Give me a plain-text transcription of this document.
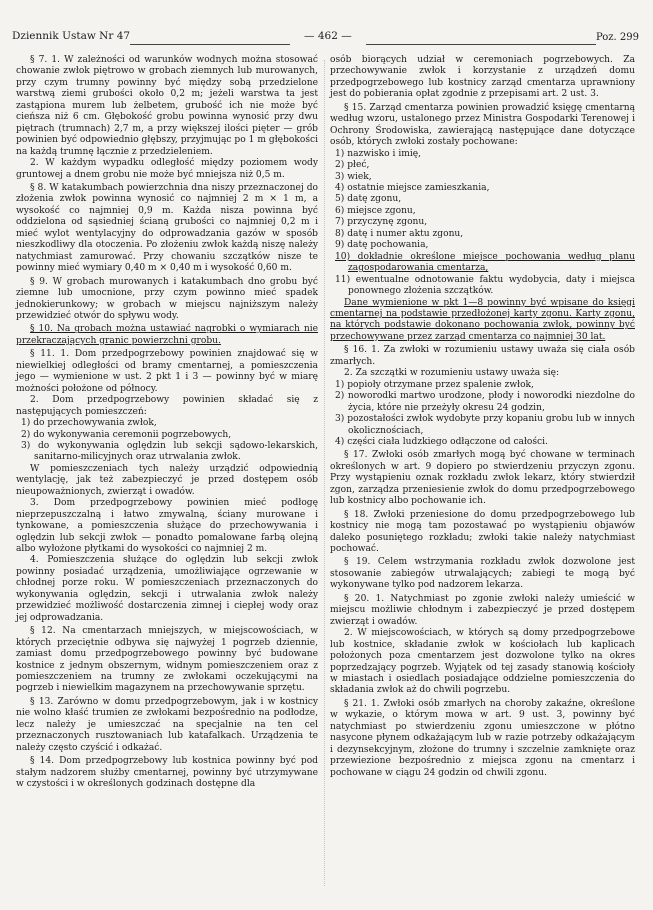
Dziennik Ustaw Nr 47	— 462 —	Poz. 299

§ 7. 1. W zależności od warunków wodnych można stosować chowanie zwłok piętrowo w grobach ziemnych lub murowanych, przy czym trumny powinny być między sobą przedzielone warstwą ziemi grubości około 0,2 m; jeżeli warstwa ta jest zastąpiona murem lub żelbetem, grubość ich nie może być cieńsza niż 6 cm. Głębokość grobu powinna wynosić przy dwu piętrach (trumnach) 2,7 m, a przy większej ilości pięter — grób powinien być odpowiednio głębszy, przyjmując po 1 m głębokości na każdą trumnę łącznie z przedzieleniem.

2. W każdym wypadku odległość między poziomem wody gruntowej a dnem grobu nie może być mniejsza niż 0,5 m.

§ 8. W katakumbach powierzchnia dna niszy przeznaczonej do złożenia zwłok powinna wynosić co najmniej 2 m × 1 m, a wysokość co najmniej 0,9 m. Każda nisza powinna być oddzielona od sąsiedniej ścianą grubości co najmniej 0,2 m i mieć wylot wentylacyjny do odprowadzania gazów w sposób nieszkodliwy dla otoczenia. Po złożeniu zwłok każdą niszę należy natychmiast zamurować. Przy chowaniu szczątków nisze te powinny mieć wymiary 0,40 m × 0,40 m i wysokość 0,60 m.

§ 9. W grobach murowanych i katakumbach dno grobu być ziemne lub umocnione, przy czym powinno mieć spadek jednokierunkowy; w grobach w miejscu najniższym należy przewidzieć otwór do spływu wody.

§ 10. Na grobach można ustawiać nagrobki o wymiarach nie przekraczających granic powierzchni grobu.

§ 11. 1. Dom przedpogrzebowy powinien znajdować się w niewielkiej odległości od bramy cmentarnej, a pomieszczenia jego — wymienione w ust. 2 pkt 1 i 3 — powinny być w miarę możności położone od północy.

2. Dom przedpogrzebowy powinien składać się z następujących pomieszczeń:

1) do przechowywania zwłok,

2) do wykonywania ceremonii pogrzebowych,

3) do wykonywania oględzin lub sekcji sądowo-lekarskich, sanitarno-milicyjnych oraz utrwalania zwłok.

W pomieszczeniach tych należy urządzić odpowiednią wentylację, jak też zabezpieczyć je przed dostępem osób nieupoważnionych, zwierząt i owadów.

3. Dom przedpogrzebowy powinien mieć podłogę nieprzepuszczalną i łatwo zmywalną, ściany murowane i tynkowane, a pomieszczenia służące do przechowywania i oględzin lub sekcji zwłok — ponadto pomalowane farbą olejną albo wyłożone płytkami do wysokości co najmniej 2 m.

4. Pomieszczenia służące do oględzin lub sekcji zwłok powinny posiadać urządzenia, umożliwiające ogrzewanie w chłodnej porze roku. W pomieszczeniach przeznaczonych do wykonywania oględzin, sekcji i utrwalania zwłok należy przewidzieć możliwość dostarczenia zimnej i ciepłej wody oraz jej odprowadzania.

§ 12. Na cmentarzach mniejszych, w miejscowościach, w których przeciętnie odbywa się najwyżej 1 pogrzeb dziennie, zamiast domu przedpogrzebowego powinny być budowane kostnice z jednym obszernym, widnym pomieszczeniem oraz z pomieszczeniem na trumny ze zwłokami oczekującymi na pogrzeb i niewielkim magazynem na przechowywanie sprzętu.

§ 13. Zarówno w domu przedpogrzebowym, jak i w kostnicy nie wolno kłaść trumien ze zwłokami bezpośrednio na podłodze, lecz należy je umieszczać na specjalnie na ten cel przeznaczonych rusztowaniach lub katafalkach. Urządzenia te należy często czyścić i odkażać.

§ 14. Dom przedpogrzebowy lub kostnica powinny być pod stałym nadzorem służby cmentarnej, powinny być utrzymywane w czystości i w określonych godzinach dostępne dla

osób biorących udział w ceremoniach pogrzebowych. Za przechowywanie zwłok i korzystanie z urządzeń domu przedpogrzebowego lub kostnicy zarząd cmentarza uprawniony jest do pobierania opłat zgodnie z przepisami art. 2 ust. 3.

§ 15. Zarząd cmentarza powinien prowadzić księgę cmentarną według wzoru, ustalonego przez Ministra Gospodarki Terenowej i Ochrony Środowiska, zawierającą następujące dane dotyczące osób, których zwłoki zostały pochowane:

1) nazwisko i imię,

2) płeć,

3) wiek,

4) ostatnie miejsce zamieszkania,

5) datę zgonu,

6) miejsce zgonu,

7) przyczynę zgonu,

8) datę i numer aktu zgonu,

9) datę pochowania,

10) dokładnie określone miejsce pochowania według planu zagospodarowania cmentarza,

11) ewentualne odnotowanie faktu wydobycia, daty i miejsca ponownego złożenia szczątków.

Dane wymienione w pkt 1—8 powinny być wpisane do księgi cmentarnej na podstawie przedłożonej karty zgonu. Karty zgonu, na których podstawie dokonano pochowania zwłok, powinny być przechowywane przez zarząd cmentarza co najmniej 30 lat.

§ 16. 1. Za zwłoki w rozumieniu ustawy uważa się ciała osób zmarłych.

2. Za szczątki w rozumieniu ustawy uważa się:

1) popioły otrzymane przez spalenie zwłok,

2) noworodki martwo urodzone, płody i noworodki niezdolne do życia, które nie przeżyły okresu 24 godzin,

3) pozostałości zwłok wydobyte przy kopaniu grobu lub w innych okolicznościach,

4) części ciała ludzkiego odłączone od całości.

§ 17. Zwłoki osób zmarłych mogą być chowane w terminach określonych w art. 9 dopiero po stwierdzeniu przyczyn zgonu. Przy wystąpieniu oznak rozkładu zwłok lekarz, który stwierdził zgon, zarządza przeniesienie zwłok do domu przedpogrzebowego lub kostnicy albo pochowanie ich.

§ 18. Zwłoki przeniesione do domu przedpogrzebowego lub kostnicy nie mogą tam pozostawać po wystąpieniu objawów daleko posuniętego rozkładu; zwłoki takie należy natychmiast pochować.

§ 19. Celem wstrzymania rozkładu zwłok dozwolone jest stosowanie zabiegów utrwalających; zabiegi te mogą być wykonywane tylko pod nadzorem lekarza.

§ 20. 1. Natychmiast po zgonie zwłoki należy umieścić w miejscu możliwie chłodnym i zabezpieczyć je przed dostępem zwierząt i owadów.

2. W miejscowościach, w których są domy przedpogrzebowe lub kostnice, składanie zwłok w kościołach lub kaplicach położonych poza cmentarzem jest dozwolone tylko na okres poprzedzający pogrzeb. Wyjątek od tej zasady stanowią kościoły w miastach i osiedlach posiadające oddzielne pomieszczenia do składania zwłok aż do chwili pogrzebu.

§ 21. 1. Zwłoki osób zmarłych na choroby zakaźne, określone w wykazie, o którym mowa w art. 9 ust. 3, powinny być natychmiast po stwierdzeniu zgonu umieszczone w płótno nasycone płynem odkażającym lub w razie potrzeby odkażającym i dezynsekcyjnym, złożone do trumny i szczelnie zamknięte oraz przewiezione bezpośrednio z miejsca zgonu na cmentarz i pochowane w ciągu 24 godzin od chwili zgonu.
